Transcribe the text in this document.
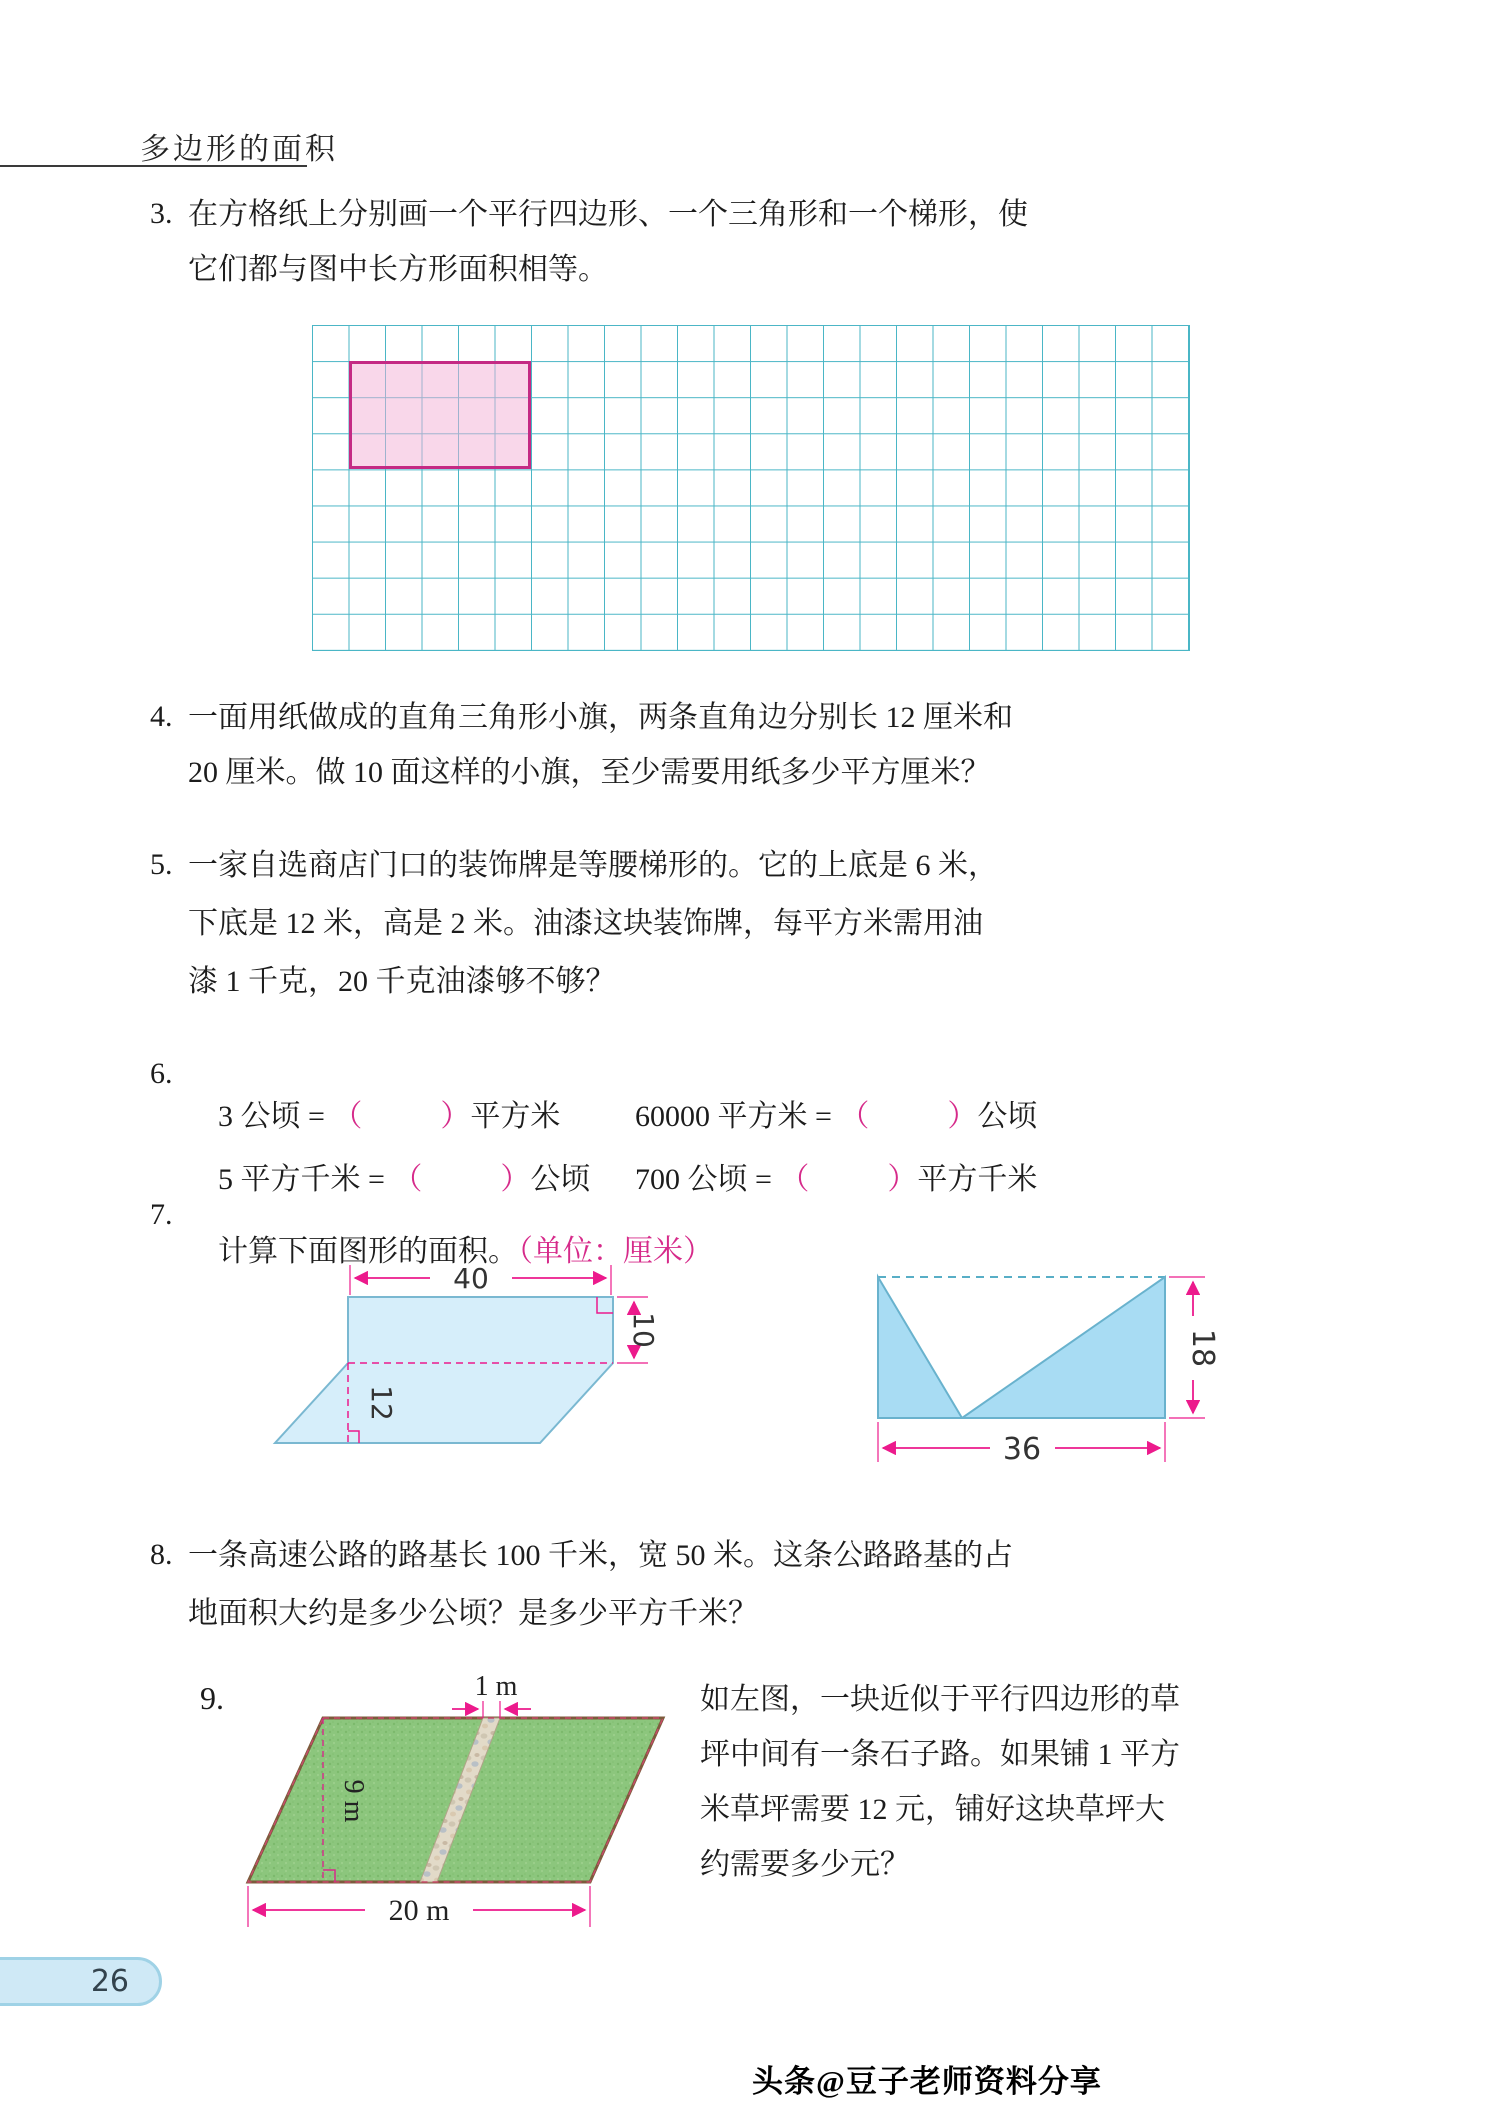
多边形的面积
3. 在方格纸上分别画一个平行四边形、一个三角形和一个梯形，使
它们都与图中长方形面积相等。
4. 一面用纸做成的直角三角形小旗，两条直角边分别长 12 厘米和
20 厘米。做 10 面这样的小旗，至少需要用纸多少平方厘米？
5. 一家自选商店门口的装饰牌是等腰梯形的。它的上底是 6 米，
下底是 12 米，高是 2 米。油漆这块装饰牌，每平方米需用油
漆 1 千克，20 千克油漆够不够？
6.

3 公顷 = （	）平方米
	60000 平方米 = （	）公顷

5 平方千米 = （	）公顷
	700 公顷 = （	）平方千米

7.

计算下面图形的面积。（单位：厘米）

40
10
12
18
36
8. 一条高速公路的路基长 100 千米，宽 50 米。这条公路路基的占
地面积大约是多少公顷？是多少平方千米？
9.	如左图，一块近似于平行四边形的草
坪中间有一条石子路。如果铺 1 平方
米草坪需要 12 元，铺好这块草坪大
约需要多少元？
9 m
1 m
20 m
26
头条@豆子老师资料分享
